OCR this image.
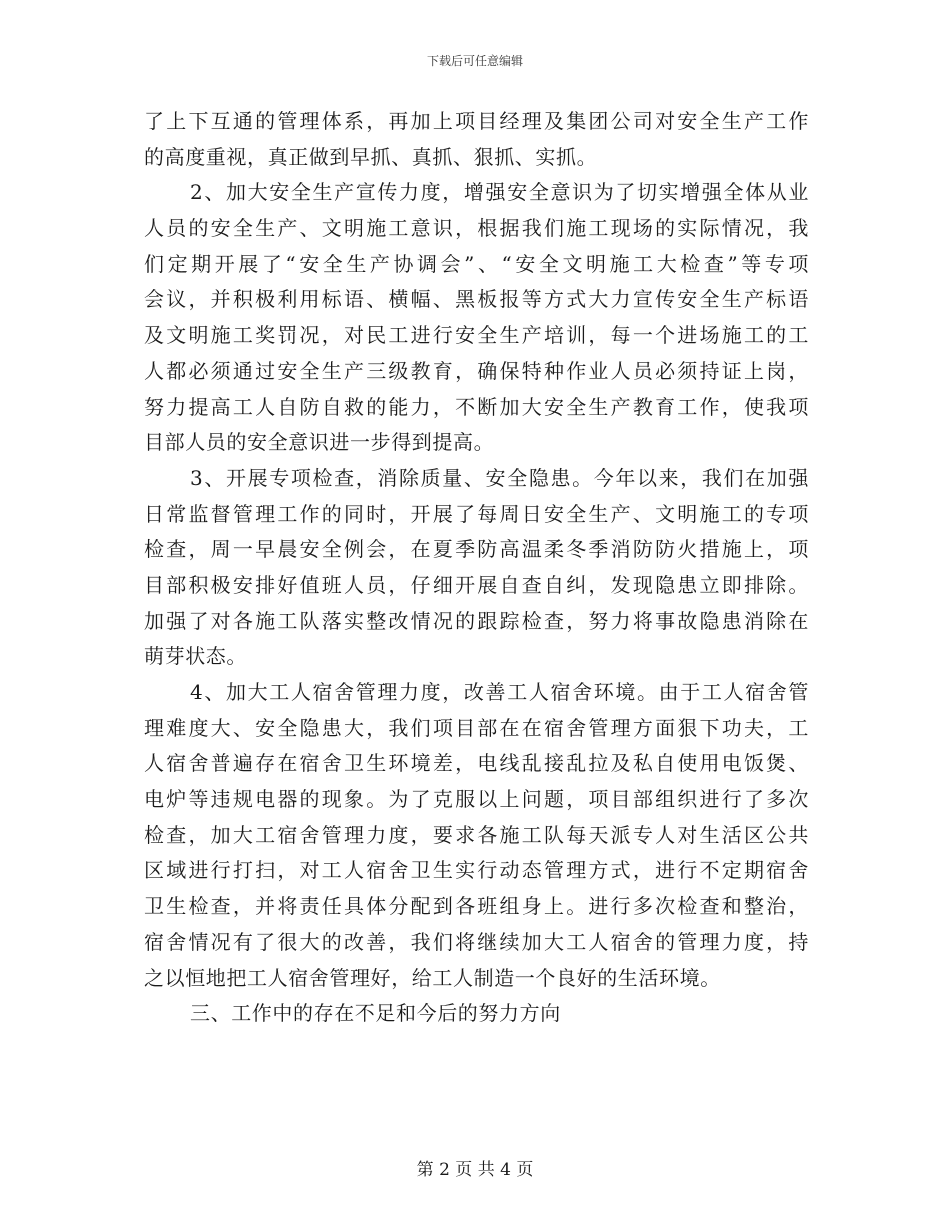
下载后可任意编辑
了上下互通的管理体系，再加上项目经理及集团公司对安全生产工作
的高度重视，真正做到早抓、真抓、狠抓、实抓。
2、加大安全生产宣传力度，增强安全意识为了切实增强全体从业
人员的安全生产、文明施工意识，根据我们施工现场的实际情况，我
们定期开展了“安全生产协调会”、“安全文明施工大检查”等专项
会议，并积极利用标语、横幅、黑板报等方式大力宣传安全生产标语
及文明施工奖罚况，对民工进行安全生产培训，每一个进场施工的工
人都必须通过安全生产三级教育，确保特种作业人员必须持证上岗，
努力提高工人自防自救的能力，不断加大安全生产教育工作，使我项
目部人员的安全意识进一步得到提高。
3、开展专项检查，消除质量、安全隐患。今年以来，我们在加强
日常监督管理工作的同时，开展了每周日安全生产、文明施工的专项
检查，周一早晨安全例会，在夏季防高温柔冬季消防防火措施上，项
目部积极安排好值班人员，仔细开展自查自纠，发现隐患立即排除。
加强了对各施工队落实整改情况的跟踪检查，努力将事故隐患消除在
萌芽状态。
4、加大工人宿舍管理力度，改善工人宿舍环境。由于工人宿舍管
理难度大、安全隐患大，我们项目部在在宿舍管理方面狠下功夫，工
人宿舍普遍存在宿舍卫生环境差，电线乱接乱拉及私自使用电饭煲、
电炉等违规电器的现象。为了克服以上问题，项目部组织进行了多次
检查，加大工宿舍管理力度，要求各施工队每天派专人对生活区公共
区域进行打扫，对工人宿舍卫生实行动态管理方式，进行不定期宿舍
卫生检查，并将责任具体分配到各班组身上。进行多次检查和整治，
宿舍情况有了很大的改善，我们将继续加大工人宿舍的管理力度，持
之以恒地把工人宿舍管理好，给工人制造一个良好的生活环境。
三、工作中的存在不足和今后的努力方向
第 2 页 共 4 页
